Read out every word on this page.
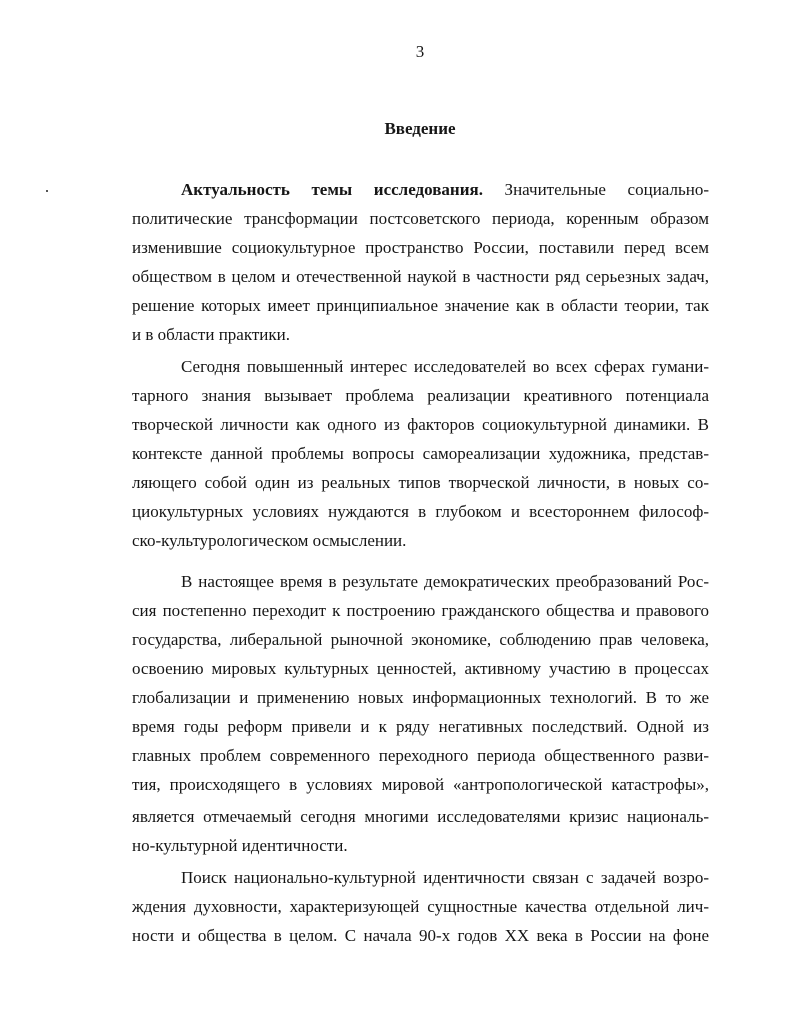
3
Введение
Актуальность темы исследования. Значительные социально-
политические трансформации постсоветского периода, коренным образом
изменившие социокультурное пространство России, поставили перед всем
обществом в целом и отечественной наукой в частности ряд серьезных задач,
решение которых имеет принципиальное значение как в области теории, так
и в области практики.
Сегодня повышенный интерес исследователей во всех сферах гумани-
тарного знания вызывает проблема реализации креативного потенциала
творческой личности как одного из факторов социокультурной динамики. В
контексте данной проблемы вопросы самореализации художника, представ-
ляющего собой один из реальных типов творческой личности, в новых со-
циокультурных условиях нуждаются в глубоком и всестороннем философ-
ско-культурологическом осмыслении.
В настоящее время в результате демократических преобразований Рос-
сия постепенно переходит к построению гражданского общества и правового
государства, либеральной рыночной экономике, соблюдению прав человека,
освоению мировых культурных ценностей, активному участию в процессах
глобализации и применению новых информационных технологий. В то же
время годы реформ привели и к ряду негативных последствий. Одной из
главных проблем современного переходного периода общественного разви-
тия, происходящего в условиях мировой «антропологической катастрофы»,
является отмечаемый сегодня многими исследователями кризис националь-
но-культурной идентичности.
Поиск национально-культурной идентичности связан с задачей возро-
ждения духовности, характеризующей сущностные качества отдельной лич-
ности и общества в целом. С начала 90-х годов XX века в России на фоне
